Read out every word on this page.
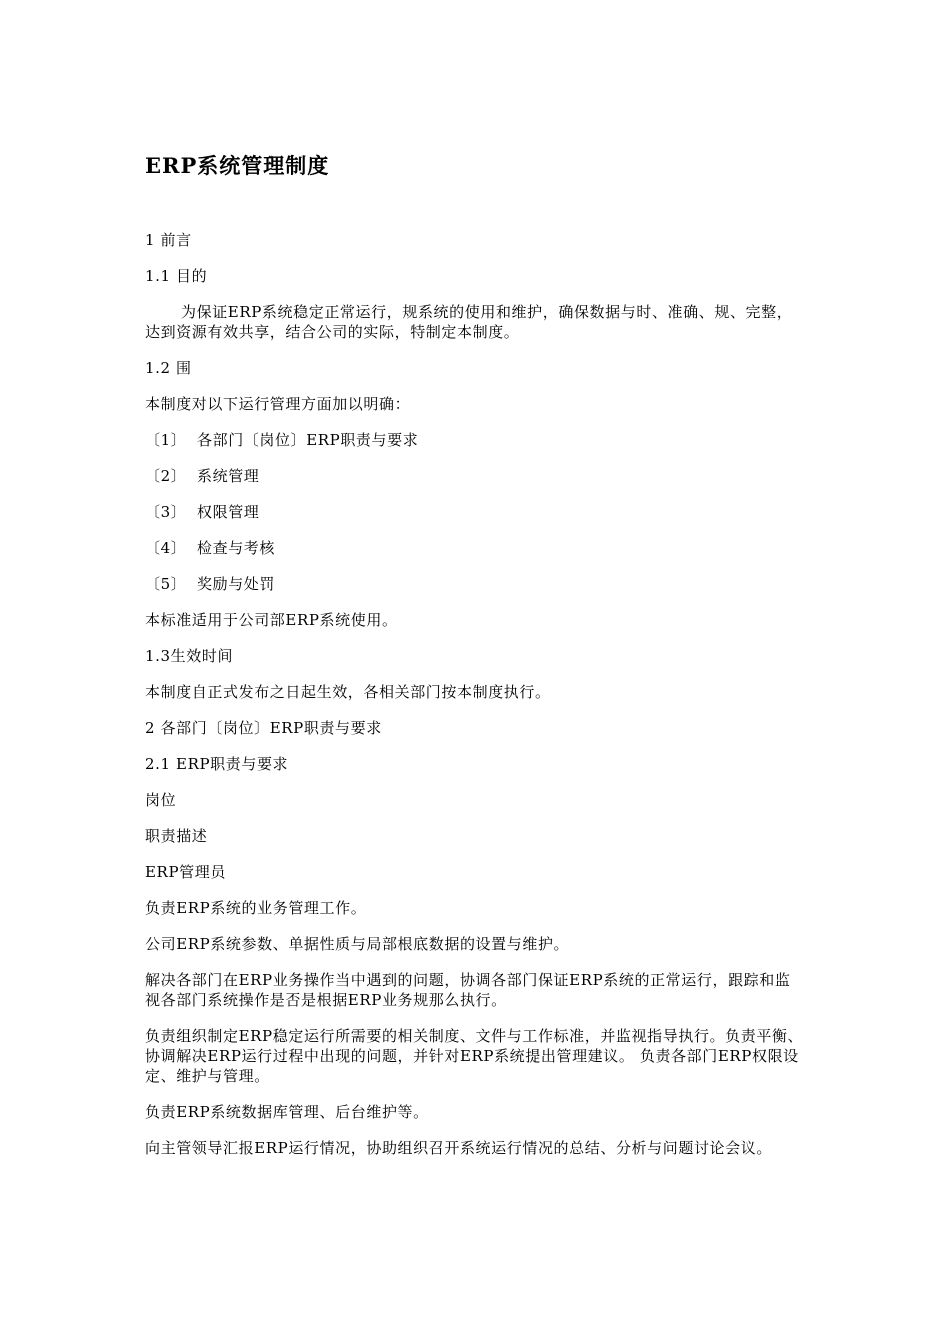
ERP系统管理制度

1 前言

1.1 目的

为保证ERP系统稳定正常运行，规系统的使用和维护，确保数据与时、准确、规、完整，达到资源有效共享，结合公司的实际，特制定本制度。

1.2 围

本制度对以下运行管理方面加以明确：

〔1〕 各部门〔岗位〕ERP职责与要求

〔2〕 系统管理

〔3〕 权限管理

〔4〕 检查与考核

〔5〕 奖励与处罚

本标准适用于公司部ERP系统使用。

1.3生效时间

本制度自正式发布之日起生效，各相关部门按本制度执行。

2 各部门〔岗位〕ERP职责与要求

2.1 ERP职责与要求

岗位

职责描述

ERP管理员

负责ERP系统的业务管理工作。

公司ERP系统参数、单据性质与局部根底数据的设置与维护。

解决各部门在ERP业务操作当中遇到的问题，协调各部门保证ERP系统的正常运行，跟踪和监视各部门系统操作是否是根据ERP业务规那么执行。

负责组织制定ERP稳定运行所需要的相关制度、文件与工作标准，并监视指导执行。负责平衡、协调解决ERP运行过程中出现的问题，并针对ERP系统提出管理建议。 负责各部门ERP权限设定、维护与管理。

负责ERP系统数据库管理、后台维护等。

向主管领导汇报ERP运行情况，协助组织召开系统运行情况的总结、分析与问题讨论会议。
